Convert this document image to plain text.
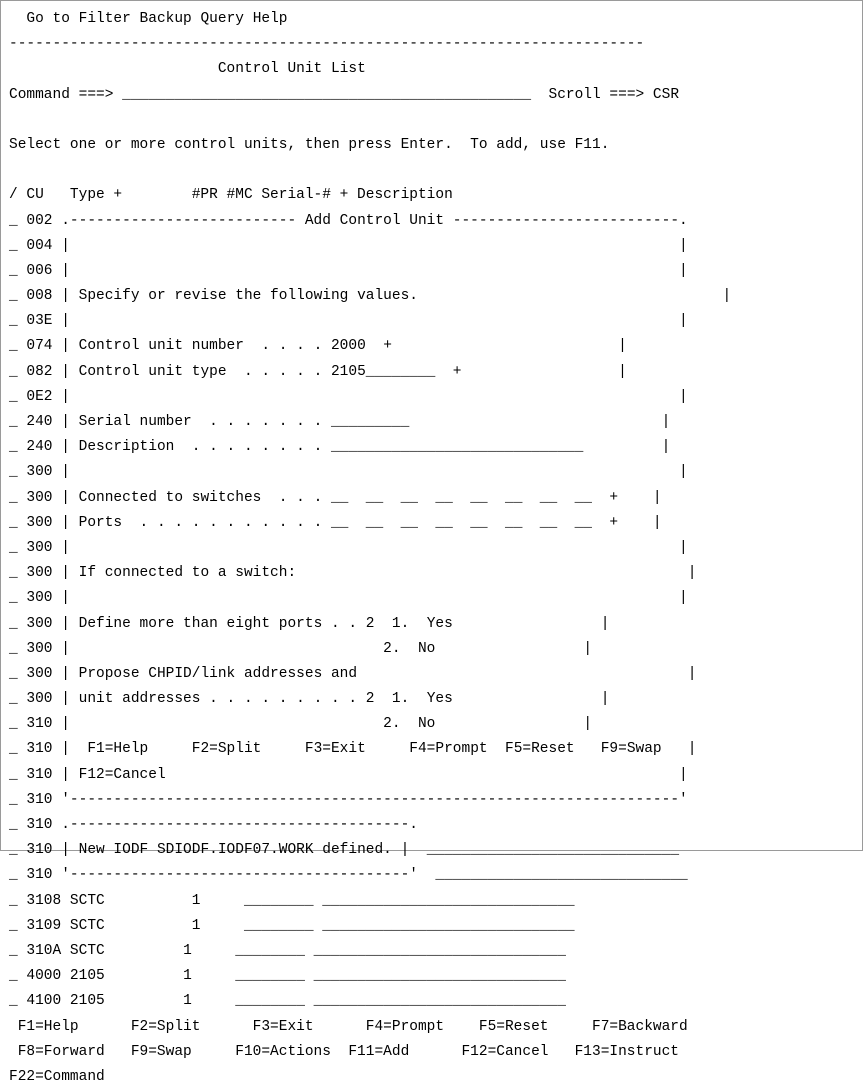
Go to Filter Backup Query Help
-------------------------------------------------------------------------
Control Unit List
Command ===> _______________________________________________ Scroll ===> CSR

Select one or more control units, then press Enter.  To add, use F11.

/ CU   Type +        #PR #MC Serial-# + Description
_ 002 .-------------------------- Add Control Unit --------------------------.
_ 004 |                                                                      |
_ 006 |                                                                      |
_ 008 | Specify or revise the following values.                                   |
_ 03E |                                                                      |
_ 074 | Control unit number  . . . . 2000 +                          |
_ 082 | Control unit type  . . . . . 2105________ +                  |
_ 0E2 |                                                                      |
_ 240 | Serial number  . . . . . . . _________                             |
_ 240 | Description  . . . . . . . . _____________________________         |
_ 300 |                                                                      |
_ 300 | Connected to switches  . . . __  __  __  __  __  __  __  __ +    |
_ 300 | Ports  . . . . . . . . . . . __  __  __  __  __  __  __  __ +    |
_ 300 |                                                                      |
_ 300 | If connected to a switch:                                             |
_ 300 |                                                                      |
_ 300 | Define more than eight ports . . 2 1.  Yes                 |
_ 300 |                                    2.  No                 |
_ 300 | Propose CHPID/link addresses and                                      |
_ 300 | unit addresses . . . . . . . . . 2 1.  Yes                 |
_ 310 |                                    2.  No                 |
_ 310 |  F1=Help     F2=Split     F3=Exit     F4=Prompt  F5=Reset   F9=Swap   |
_ 310 | F12=Cancel                                                           |
_ 310 '----------------------------------------------------------------------'
_ 310 .---------------------------------------.
_ 310 | New IODF SDIODF.IODF07.WORK defined. |  _____________________________
_ 310 '---------------------------------------'  _____________________________
_ 3108 SCTC	1	________ _____________________________
_ 3109 SCTC	1	________ _____________________________
_ 310A SCTC	1	________ _____________________________
_ 4000 2105	1	________ _____________________________
_ 4100 2105	1	________ _____________________________
F1=Help      F2=Split      F3=Exit      F4=Prompt    F5=Reset     F7=Backward
F8=Forward   F9=Swap     F10=Actions  F11=Add      F12=Cancel   F13=Instruct
F22=Command
